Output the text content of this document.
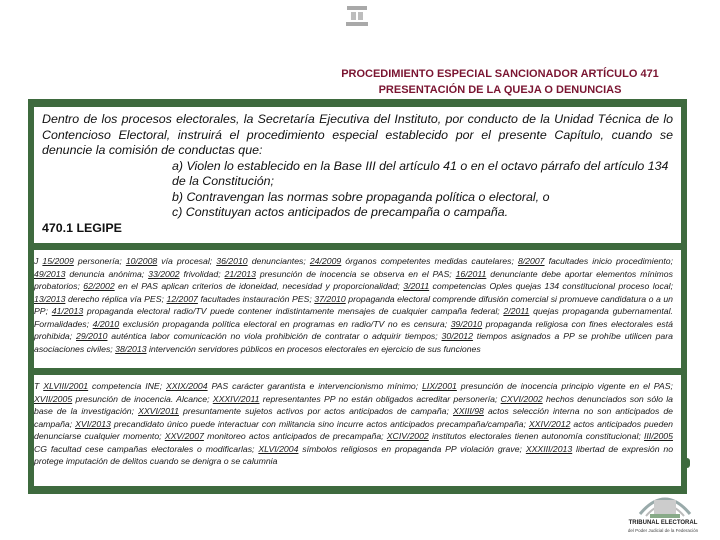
PROCEDIMIENTO ESPECIAL SANCIONADOR ARTÍCULO 471
PRESENTACIÓN DE LA QUEJA O DENUNCIAS
Dentro de los procesos electorales, la Secretaría Ejecutiva del Instituto, por conducto de la Unidad Técnica de lo Contencioso Electoral, instruirá el procedimiento especial establecido por el presente Capítulo, cuando se denuncie la comisión de conductas que:
a) Violen lo establecido en la Base III del artículo 41 o en el octavo párrafo del artículo 134 de la Constitución;
b) Contravengan las normas sobre propaganda política o electoral, o
c) Constituyan actos anticipados de precampaña o campaña.
470.1 LEGIPE
J 15/2009 personería; 10/2008 vía procesal; 36/2010 denunciantes; 24/2009 órganos competentes medidas cautelares; 8/2007 facultades inicio procedimiento; 49/2013 denuncia anónima; 33/2002 frivolidad; 21/2013 presunción de inocencia se observa en el PAS; 16/2011 denunciante debe aportar elementos mínimos probatorios; 62/2002 en el PAS aplican criterios de idoneidad, necesidad y proporcionalidad; 3/2011 competencias Oples quejas 134 constitucional proceso local; 13/2013 derecho réplica vía PES; 12/2007 facultades instauración PES; 37/2010 propaganda electoral comprende difusión comercial si promueve candidatura o a un PP; 41/2013 propaganda electoral radio/TV puede contener indistintamente mensajes de cualquier campaña federal; 2/2011 quejas propaganda gubernamental. Formalidades; 4/2010 exclusión propaganda política electoral en programas en radio/TV no es censura; 39/2010 propaganda religiosa con fines electorales está prohibida; 29/2010 auténtica labor comunicación no viola prohibición de contratar o adquirir tiempos; 30/2012 tiempos asignados a PP se prohíbe utilicen para asociaciones civiles; 38/2013 intervención servidores públicos en procesos electorales en ejercicio de sus funciones
T XLVIII/2001 competencia INE; XXIX/2004 PAS carácter garantista e intervencionismo mínimo; LIX/2001 presunción de inocencia principio vigente en el PAS; XVII/2005 presunción de inocencia. Alcance; XXXIV/2011 representantes PP no están obligados acreditar personería; CXVI/2002 hechos denunciados son sólo la base de la investigación; XXVI/2011 presuntamente sujetos activos por actos anticipados de campaña; XXIII/98 actos selección interna no son anticipados de campaña; XVI/2013 precandidato único puede interactuar con militancia sino incurre actos anticipados precampaña/campaña; XXIV/2012 actos anticipados pueden denunciarse cualquier momento; XXV/2007 monitoreo actos anticipados de precampaña; XCIV/2002 institutos electorales tienen autonomía constitucional; III/2005 CG facultad cese campañas electorales o modificarlas; XLVI/2004 símbolos religiosos en propaganda PP violación grave; XXXIII/2013 libertad de expresión no protege imputación de delitos cuando se denigra o se calumnia
TRIBUNAL ELECTORAL
del Poder Judicial de la Federación
